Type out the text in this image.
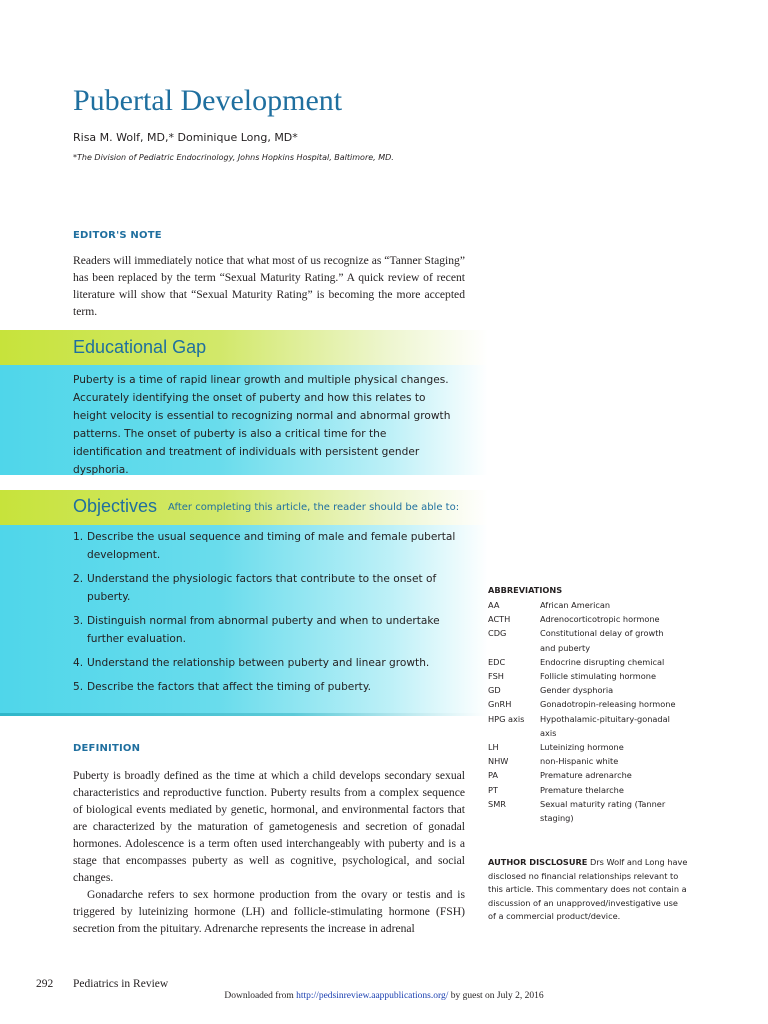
Pubertal Development
Risa M. Wolf, MD,* Dominique Long, MD*
*The Division of Pediatric Endocrinology, Johns Hopkins Hospital, Baltimore, MD.
EDITOR'S NOTE
Readers will immediately notice that what most of us recognize as “Tanner Staging” has been replaced by the term “Sexual Maturity Rating.” A quick review of recent literature will show that “Sexual Maturity Rating” is becoming the more accepted term.
Educational Gap
Puberty is a time of rapid linear growth and multiple physical changes. Accurately identifying the onset of puberty and how this relates to height velocity is essential to recognizing normal and abnormal growth patterns. The onset of puberty is also a critical time for the identification and treatment of individuals with persistent gender dysphoria.
Objectives After completing this article, the reader should be able to:
1. Describe the usual sequence and timing of male and female pubertal development.
2. Understand the physiologic factors that contribute to the onset of puberty.
3. Distinguish normal from abnormal puberty and when to undertake further evaluation.
4. Understand the relationship between puberty and linear growth.
5. Describe the factors that affect the timing of puberty.
DEFINITION

Puberty is broadly defined as the time at which a child develops secondary sexual characteristics and reproductive function. Puberty results from a complex sequence of biological events mediated by genetic, hormonal, and environmental factors that are characterized by the maturation of gametogenesis and secretion of gonadal hormones. Adolescence is a term often used interchangeably with puberty and is a stage that encompasses puberty as well as cognitive, psychological, and social changes.

Gonadarche refers to sex hormone production from the ovary or testis and is triggered by luteinizing hormone (LH) and follicle-stimulating hormone (FSH) secretion from the pituitary. Adrenarche represents the increase in adrenal

ABBREVIATIONS
AA	African American
ACTH	Adrenocorticotropic hormone
CDG	Constitutional delay of growth and puberty
EDC	Endocrine disrupting chemical
FSH	Follicle stimulating hormone
GD	Gender dysphoria
GnRH	Gonadotropin-releasing hormone
HPG axis	Hypothalamic-pituitary-gonadal axis
LH	Luteinizing hormone
NHW	non-Hispanic white
PA	Premature adrenarche
PT	Premature thelarche
SMR	Sexual maturity rating (Tanner staging)
AUTHOR DISCLOSURE Drs Wolf and Long have disclosed no financial relationships relevant to this article. This commentary does not contain a discussion of an unapproved/investigative use of a commercial product/device.
292 Pediatrics in Review
Downloaded from http://pedsinreview.aappublications.org/ by guest on July 2, 2016
